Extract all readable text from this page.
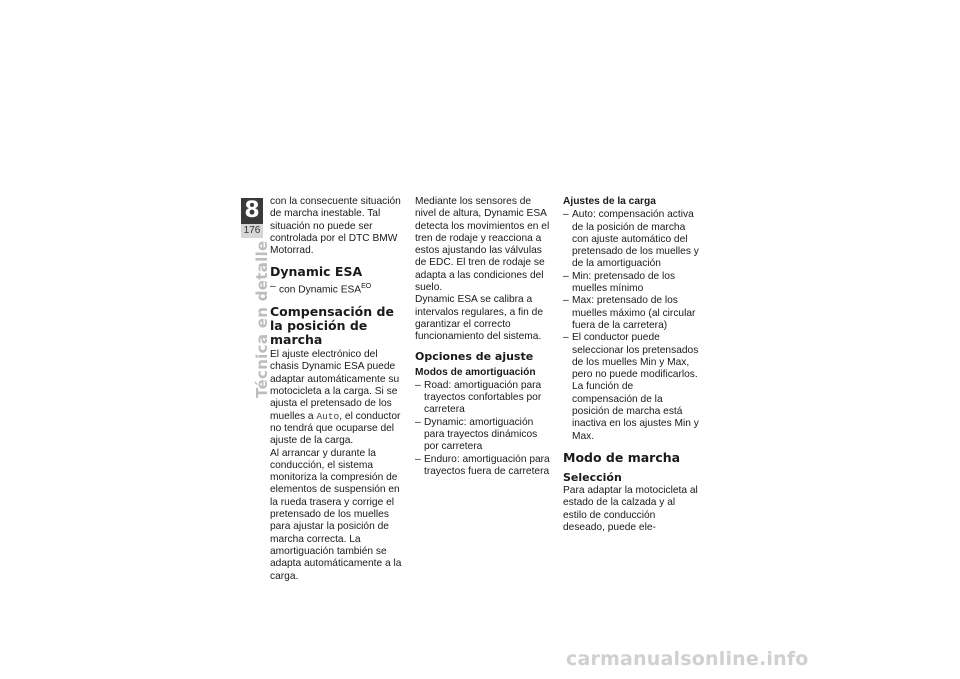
8
176
Técnica en detalle

con la consecuente situación de marcha inestable. Tal situación no puede ser controlada por el DTC BMW Motorrad.

Dynamic ESA
– con Dynamic $ESA^{EO}$
Compensación de la posición de marcha

El ajuste electrónico del chasis Dynamic ESA puede adaptar automáticamente su motocicleta a la carga. Si se ajusta el pretensado de los muelles a Auto, el conductor no tendrá que ocuparse del ajuste de la carga.

Al arrancar y durante la conducción, el sistema monitoriza la compresión de elementos de suspensión en la rueda trasera y corrige el pretensado de los muelles para ajustar la posición de marcha correcta. La amortiguación también se adapta automáticamente a la carga.

Mediante los sensores de nivel de altura, Dynamic ESA detecta los movimientos en el tren de rodaje y reacciona a estos ajustando las válvulas de EDC. El tren de rodaje se adapta a las condiciones del suelo.

Dynamic ESA se calibra a intervalos regulares, a fin de garantizar el correcto funcionamiento del sistema.

Opciones de ajuste
Modos de amortiguación
– Road: amortiguación para trayectos confortables por carretera
– Dynamic: amortiguación para trayectos dinámicos por carretera
– Enduro: amortiguación para trayectos fuera de carretera
Ajustes de la carga
– Auto: compensación activa de la posición de marcha con ajuste automático del pretensado de los muelles y de la amortiguación
– Min: pretensado de los muelles mínimo
– Max: pretensado de los muelles máximo (al circular fuera de la carretera)
– El conductor puede seleccionar los pretensados de los muelles Min y Max, pero no puede modificarlos. La función de compensación de la posición de marcha está inactiva en los ajustes Min y Max.
Modo de marcha
Selección

Para adaptar la motocicleta al estado de la calzada y al estilo de conducción deseado, puede ele-

carmanualsonline.info
